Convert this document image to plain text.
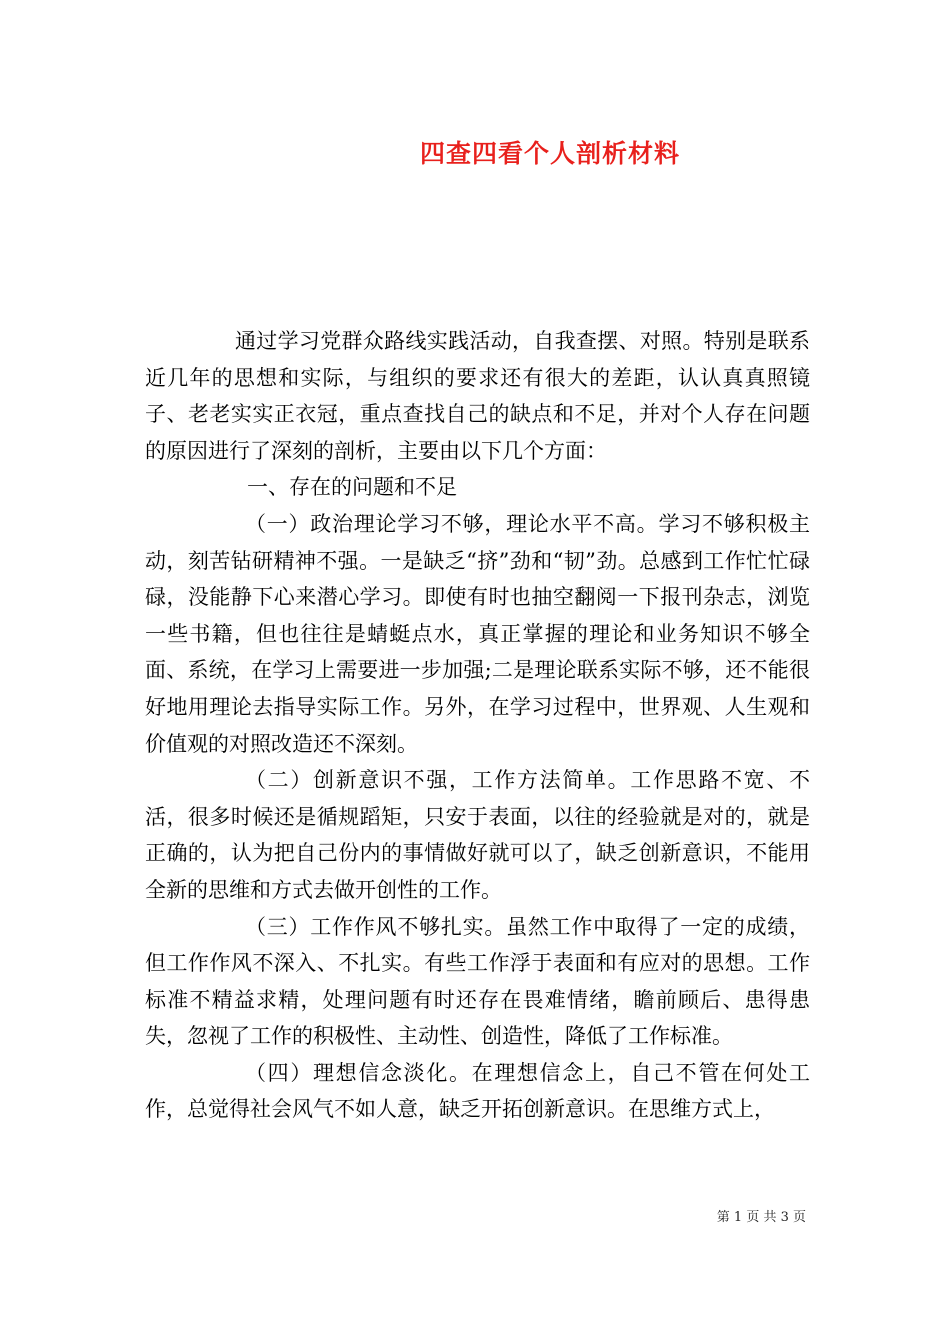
四查四看个人剖析材料

通过学习党群众路线实践活动，自我查摆、对照。特别是联系近几年的思想和实际，与组织的要求还有很大的差距，认认真真照镜子、老老实实正衣冠，重点查找自己的缺点和不足，并对个人存在问题的原因进行了深刻的剖析，主要由以下几个方面：

一、存在的问题和不足

（一）政治理论学习不够，理论水平不高。学习不够积极主动，刻苦钻研精神不强。一是缺乏“挤”劲和“韧”劲。总感到工作忙忙碌碌，没能静下心来潜心学习。即使有时也抽空翻阅一下报刊杂志，浏览一些书籍，但也往往是蜻蜓点水，真正掌握的理论和业务知识不够全面、系统，在学习上需要进一步加强;二是理论联系实际不够，还不能很好地用理论去指导实际工作。另外，在学习过程中，世界观、人生观和价值观的对照改造还不深刻。

（二）创新意识不强，工作方法简单。工作思路不宽、不活，很多时候还是循规蹈矩，只安于表面，以往的经验就是对的，就是正确的，认为把自己份内的事情做好就可以了，缺乏创新意识，不能用全新的思维和方式去做开创性的工作。

（三）工作作风不够扎实。虽然工作中取得了一定的成绩，但工作作风不深入、不扎实。有些工作浮于表面和有应对的思想。工作标准不精益求精，处理问题有时还存在畏难情绪，瞻前顾后、患得患失，忽视了工作的积极性、主动性、创造性，降低了工作标准。

（四）理想信念淡化。在理想信念上，自己不管在何处工作，总觉得社会风气不如人意，缺乏开拓创新意识。在思维方式上，

第 1 页 共 3 页
